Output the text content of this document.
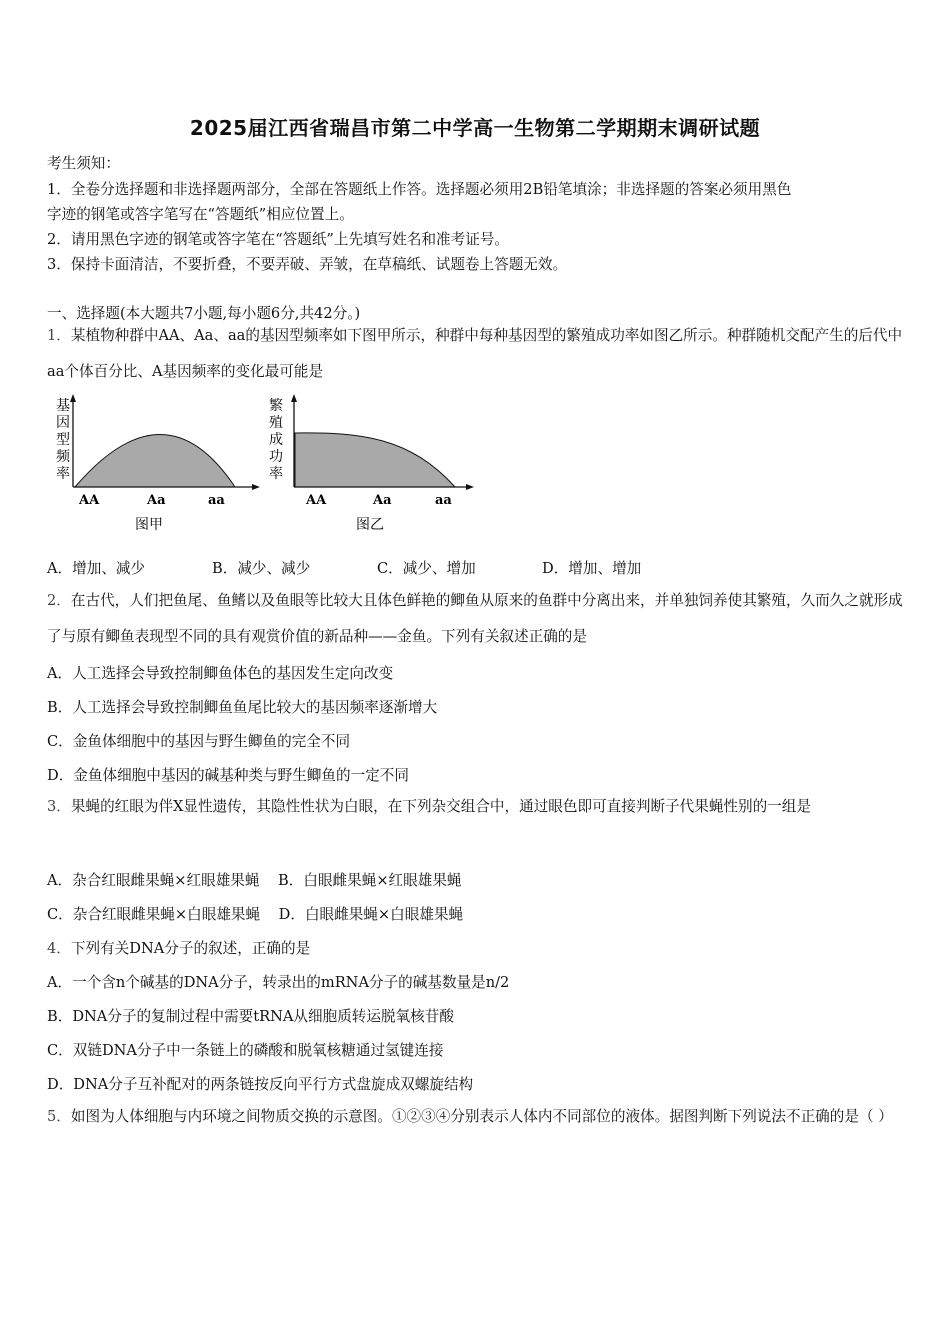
2025届江西省瑞昌市第二中学高一生物第二学期期末调研试题
考生须知：
1．全卷分选择题和非选择题两部分，全部在答题纸上作答。选择题必须用2B铅笔填涂；非选择题的答案必须用黑色
字迹的钢笔或答字笔写在“答题纸”相应位置上。
2．请用黑色字迹的钢笔或答字笔在“答题纸”上先填写姓名和准考证号。
3．保持卡面清洁，不要折叠，不要弄破、弄皱，在草稿纸、试题卷上答题无效。
一、选择题(本大题共7小题,每小题6分,共42分。)
1．某植物种群中AA、Aa、aa的基因型频率如下图甲所示，种群中每种基因型的繁殖成功率如图乙所示。种群随机交配产生的后代中aa个体百分比、A基因频率的变化最可能是
基
因
型
频
率
AA	Aa	aa
图甲
繁
殖
成
功
率
AA	Aa	aa
图乙
A．增加、减少	B．减少、减少	C．减少、增加	D．增加、增加
2．在古代，人们把鱼尾、鱼鳍以及鱼眼等比较大且体色鲜艳的鲫鱼从原来的鱼群中分离出来，并单独饲养使其繁殖，久而久之就形成了与原有鲫鱼表现型不同的具有观赏价值的新品种——金鱼。下列有关叙述正确的是
A．人工选择会导致控制鲫鱼体色的基因发生定向改变
B．人工选择会导致控制鲫鱼鱼尾比较大的基因频率逐渐增大
C．金鱼体细胞中的基因与野生鲫鱼的完全不同
D．金鱼体细胞中基因的碱基种类与野生鲫鱼的一定不同
3．果蝇的红眼为伴X显性遗传，其隐性性状为白眼，在下列杂交组合中，通过眼色即可直接判断子代果蝇性别的一组是
A．杂合红眼雌果蝇×红眼雄果蝇    B．白眼雌果蝇×红眼雄果蝇
C．杂合红眼雌果蝇×白眼雄果蝇    D．白眼雌果蝇×白眼雄果蝇
4．下列有关DNA分子的叙述，正确的是
A．一个含n个碱基的DNA分子，转录出的mRNA分子的碱基数量是n/2
B．DNA分子的复制过程中需要tRNA从细胞质转运脱氧核苷酸
C．双链DNA分子中一条链上的磷酸和脱氧核糖通过氢键连接
D．DNA分子互补配对的两条链按反向平行方式盘旋成双螺旋结构
5．如图为人体细胞与内环境之间物质交换的示意图。①②③④分别表示人体内不同部位的液体。据图判断下列说法不正确的是（ ）
